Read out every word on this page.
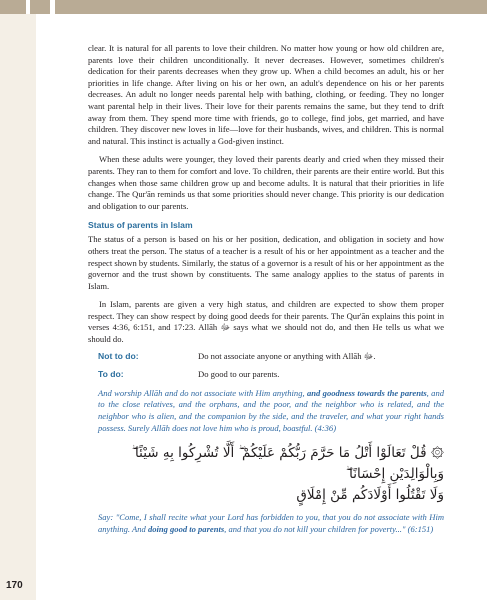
170

clear. It is natural for all parents to love their children. No matter how young or how old children are, parents love their children unconditionally. It never decreases. However, sometimes children's dedication for their parents decreases when they grow up. When a child becomes an adult, his or her priorities in life change. After living on his or her own, an adult's dependence on his or her parents decreases. An adult no longer needs parental help with bathing, clothing, or feeding. They no longer want parental help in their lives. Their love for their parents remains the same, but they tend to drift away from them. They spend more time with friends, go to college, find jobs, get married, and have children. They discover new loves in life—love for their husbands, wives, and children. This is normal and natural. This instinct is actually a God-given instinct.

When these adults were younger, they loved their parents dearly and cried when they missed their parents. They ran to them for comfort and love. To children, their parents are their entire world. But this changes when those same children grow up and become adults. It is natural that their priorities in life change. The Qur'ān reminds us that some priorities should never change. This priority is our dedication and obligation to our parents.

Status of parents in Islam

The status of a person is based on his or her position, dedication, and obligation in society and how others treat the person. The status of a teacher is a result of his or her appointment as a teacher and the respect shown by students. Similarly, the status of a governor is a result of his or her appointment as the governor and the trust shown by constituents. The same analogy applies to the status of parents in Islam.

In Islam, parents are given a very high status, and children are expected to show them proper respect. They can show respect by doing good deeds for their parents. The Qur'ān explains this point in verses 4:36, 6:151, and 17:23. Allāh ﷻ says what we should not do, and then He tells us what we should do.

Not to do:	Do not associate anyone or anything with Allāh ﷻ.
To do:	Do good to our parents.

And worship Allāh and do not associate with Him anything, and goodness towards the parents, and to the close relatives, and the orphans, and the poor, and the neighbor who is related, and the neighbor who is alien, and the companion by the side, and the traveler, and what your right hands possess. Surely Allāh does not love him who is proud, boastful. (4:36)

۞ قُلْ تَعَالَوْا أَتْلُ مَا حَرَّمَ رَبُّكُمْ عَلَيْكُمْ ۖ أَلَّا تُشْرِكُوا بِهِ شَيْئًا ۖ وَبِالْوَالِدَيْنِ إِحْسَانًا ۖ
وَلَا تَقْتُلُوا أَوْلَادَكُم مِّنْ إِمْلَاقٍ

Say: "Come, I shall recite what your Lord has forbidden to you, that you do not associate with Him anything. And doing good to parents, and that you do not kill your children for poverty..." (6:151)
